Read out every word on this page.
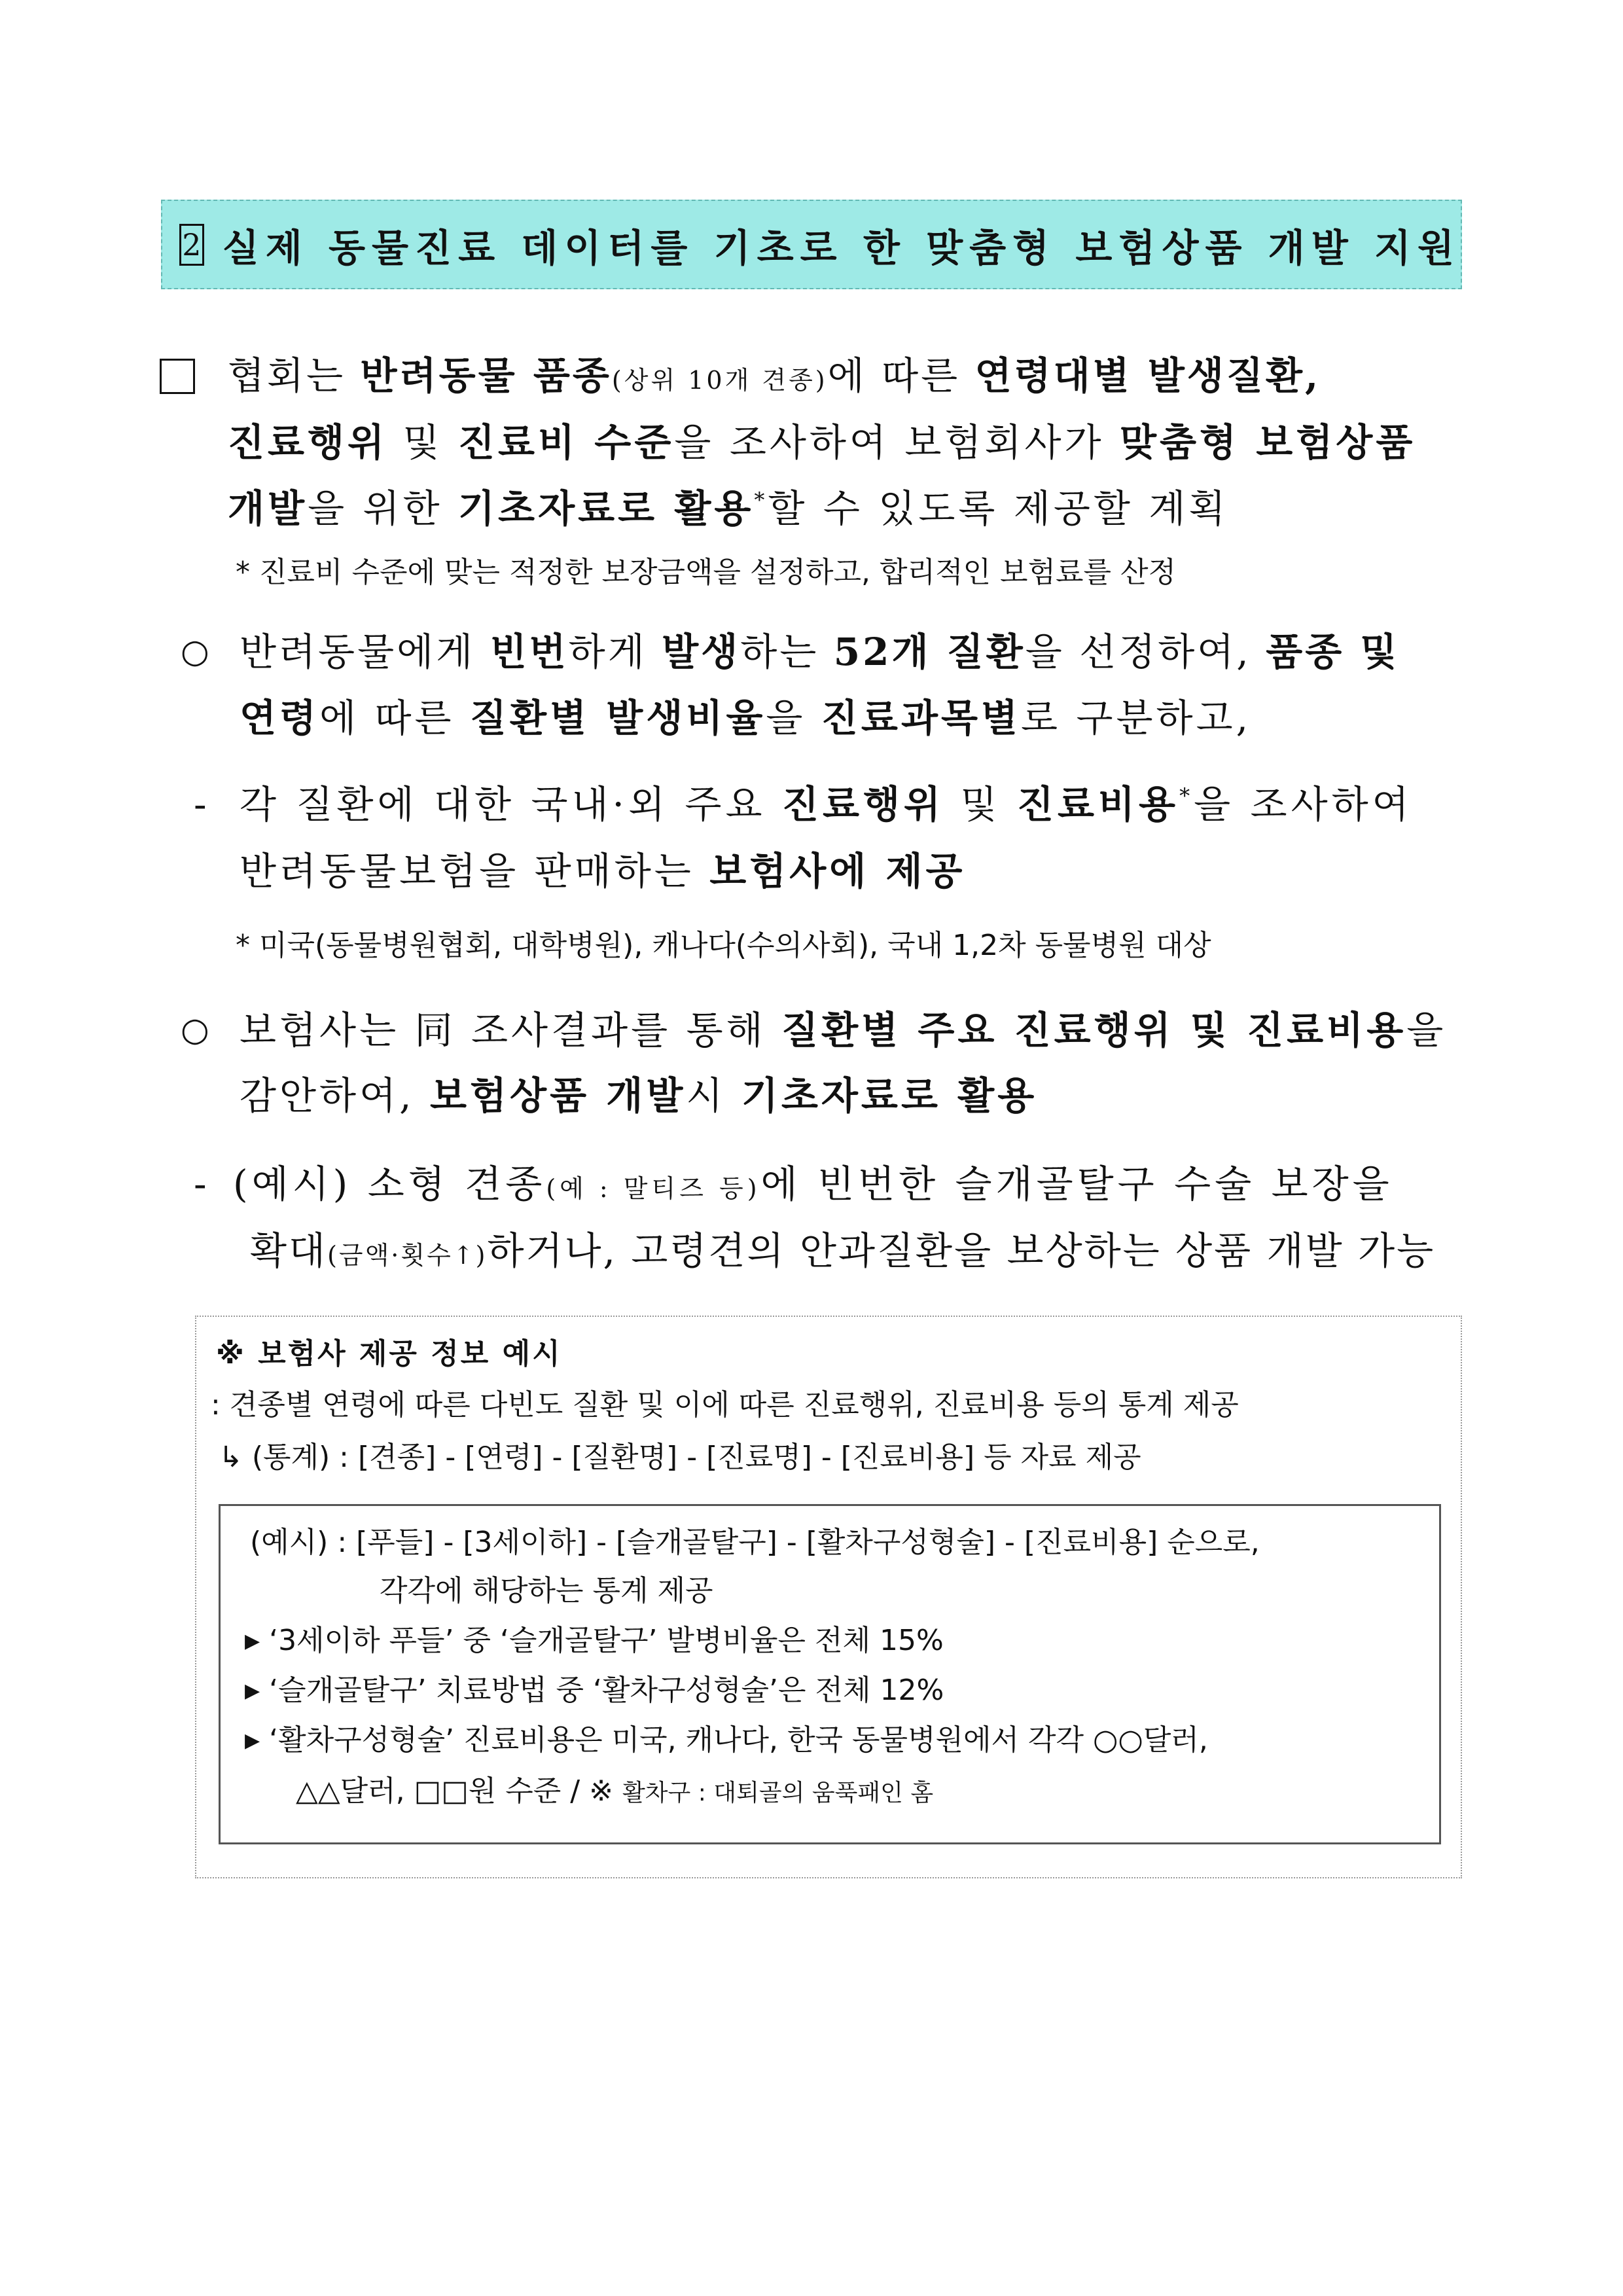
2 실제 동물진료 데이터를 기초로 한 맞춤형 보험상품 개발 지원
협회는 반려동물 품종(상위 10개 견종)에 따른 연령대별 발생질환,
진료행위 및 진료비 수준을 조사하여 보험회사가 맞춤형 보험상품
개발을 위한 기초자료로 활용*할 수 있도록 제공할 계획
* 진료비 수준에 맞는 적정한 보장금액을 설정하고, 합리적인 보험료를 산정
○ 반려동물에게 빈번하게 발생하는 52개 질환을 선정하여, 품종 및
연령에 따른 질환별 발생비율을 진료과목별로 구분하고,
- 각 질환에 대한 국내·외 주요 진료행위 및 진료비용*을 조사하여
반려동물보험을 판매하는 보험사에 제공
* 미국(동물병원협회, 대학병원), 캐나다(수의사회), 국내 1,2차 동물병원 대상
○ 보험사는 同 조사결과를 통해 질환별 주요 진료행위 및 진료비용을
감안하여, 보험상품 개발시 기초자료로 활용
- (예시) 소형 견종(예 : 말티즈 등)에 빈번한 슬개골탈구 수술 보장을
확대(금액·횟수↑)하거나, 고령견의 안과질환을 보상하는 상품 개발 가능
※ 보험사 제공 정보 예시
: 견종별 연령에 따른 다빈도 질환 및 이에 따른 진료행위, 진료비용 등의 통계 제공
↳ (통계) : [견종] - [연령] - [질환명] - [진료명] - [진료비용] 등 자료 제공
(예시) : [푸들] - [3세이하] - [슬개골탈구] - [활차구성형술] - [진료비용] 순으로,
각각에 해당하는 통계 제공
▶ ‘3세이하 푸들’ 중 ‘슬개골탈구’ 발병비율은 전체 15%
▶ ‘슬개골탈구’ 치료방법 중 ‘활차구성형술’은 전체 12%
▶ ‘활차구성형술’ 진료비용은 미국, 캐나다, 한국 동물병원에서 각각 ○○달러,
△△달러, □□원 수준 / ※ 활차구 : 대퇴골의 움푹패인 홈
